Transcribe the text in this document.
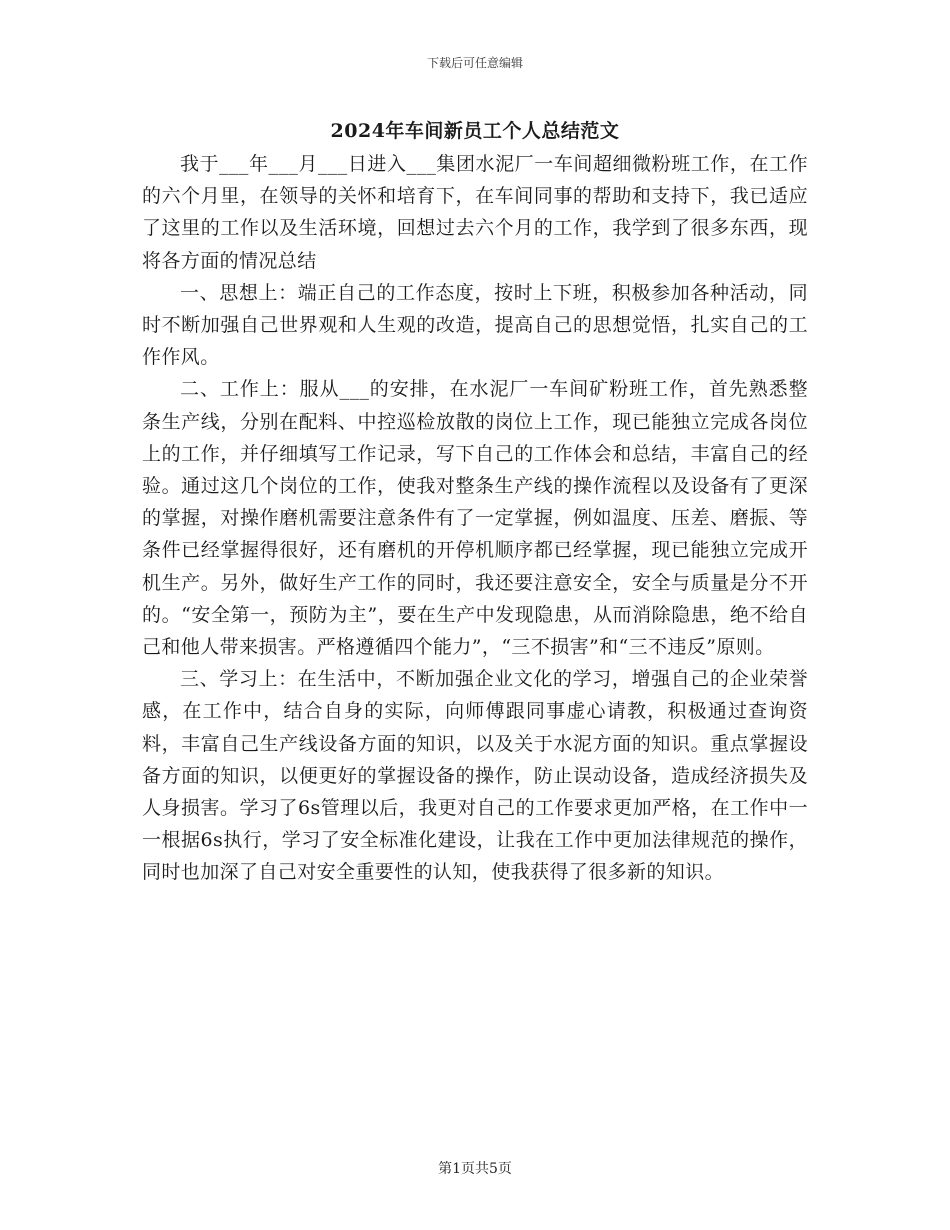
下载后可任意编辑
2024年车间新员工个人总结范文

我于___年___月___日进入___集团水泥厂一车间超细微粉班工作，在工作的六个月里，在领导的关怀和培育下，在车间同事的帮助和支持下，我已适应了这里的工作以及生活环境，回想过去六个月的工作，我学到了很多东西，现将各方面的情况总结

一、思想上：端正自己的工作态度，按时上下班，积极参加各种活动，同时不断加强自己世界观和人生观的改造，提高自己的思想觉悟，扎实自己的工作作风。

二、工作上：服从___的安排，在水泥厂一车间矿粉班工作，首先熟悉整条生产线，分别在配料、中控巡检放散的岗位上工作，现已能独立完成各岗位上的工作，并仔细填写工作记录，写下自己的工作体会和总结，丰富自己的经验。通过这几个岗位的工作，使我对整条生产线的操作流程以及设备有了更深的掌握，对操作磨机需要注意条件有了一定掌握，例如温度、压差、磨振、等条件已经掌握得很好，还有磨机的开停机顺序都已经掌握，现已能独立完成开机生产。另外，做好生产工作的同时，我还要注意安全，安全与质量是分不开的。“安全第一，预防为主”，要在生产中发现隐患，从而消除隐患，绝不给自己和他人带来损害。严格遵循四个能力”，“三不损害”和“三不违反”原则。

三、学习上：在生活中，不断加强企业文化的学习，增强自己的企业荣誉感，在工作中，结合自身的实际，向师傅跟同事虚心请教，积极通过查询资料，丰富自己生产线设备方面的知识，以及关于水泥方面的知识。重点掌握设备方面的知识，以便更好的掌握设备的操作，防止误动设备，造成经济损失及人身损害。学习了6s管理以后，我更对自己的工作要求更加严格，在工作中一一根据6s执行，学习了安全标准化建设，让我在工作中更加法律规范的操作，同时也加深了自己对安全重要性的认知，使我获得了很多新的知识。

第1页共5页
